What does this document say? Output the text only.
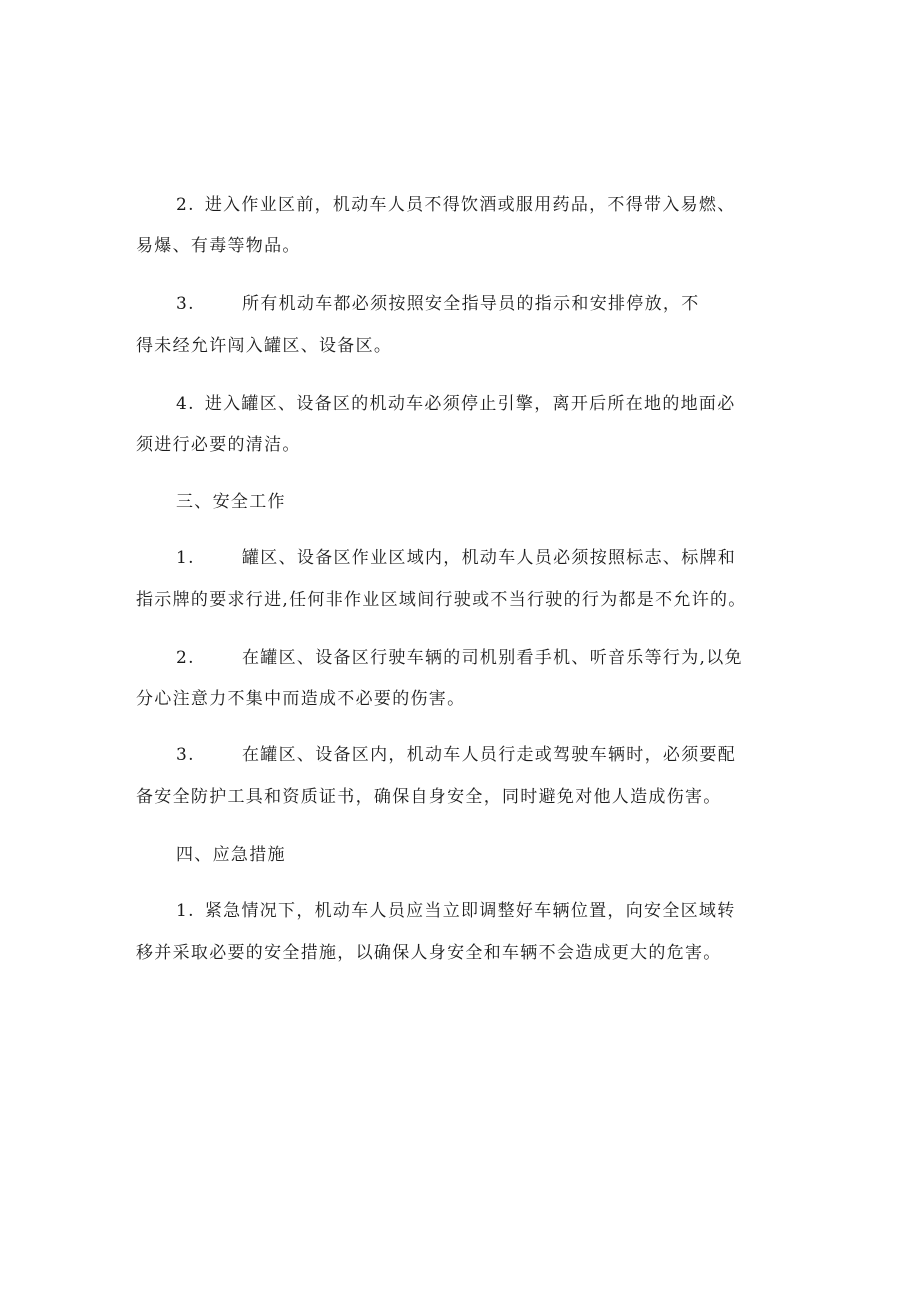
2. 进入作业区前，机动车人员不得饮酒或服用药品，不得带入易燃、
易爆、有毒等物品。
3.	所有机动车都必须按照安全指导员的指示和安排停放，不
得未经允许闯入罐区、设备区。
4. 进入罐区、设备区的机动车必须停止引擎，离开后所在地的地面必
须进行必要的清洁。
三、安全工作
1.	罐区、设备区作业区域内，机动车人员必须按照标志、标牌和
指示牌的要求行进,任何非作业区域间行驶或不当行驶的行为都是不允许的。
2.	在罐区、设备区行驶车辆的司机别看手机、听音乐等行为,以免
分心注意力不集中而造成不必要的伤害。
3.	在罐区、设备区内，机动车人员行走或驾驶车辆时，必须要配
备安全防护工具和资质证书，确保自身安全，同时避免对他人造成伤害。
四、应急措施
1. 紧急情况下，机动车人员应当立即调整好车辆位置，向安全区域转
移并采取必要的安全措施，以确保人身安全和车辆不会造成更大的危害。
